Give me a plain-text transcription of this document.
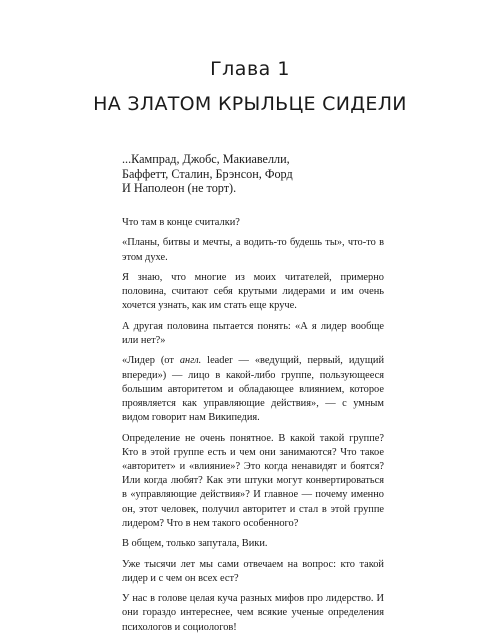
Глава 1
НА ЗЛАТОМ КРЫЛЬЦЕ СИДЕЛИ
...Кампрад, Джобс, Макиавелли,
Баффетт, Сталин, Брэнсон, Форд
И Наполеон (не торт).

Что там в конце считалки?

«Планы, битвы и мечты, а водить-то будешь ты», что-то в этом духе.

Я знаю, что многие из моих читателей, примерно половина, считают себя крутыми лидерами и им очень хочется узнать, как им стать еще круче.

А другая половина пытается понять: «А я лидер вообще или нет?»

«Лидер (от англ. leader — «ведущий, первый, идущий впереди») — лицо в какой-либо группе, пользующееся большим авторитетом и обладающее влиянием, которое проявляется как управляющие действия», — с умным видом говорит нам Википедия.

Определение не очень понятное. В какой такой группе? Кто в этой группе есть и чем они занимаются? Что такое «авторитет» и «влияние»? Это когда ненавидят и боятся? Или когда любят? Как эти штуки могут конвертироваться в «управляющие действия»? И главное — почему именно он, этот человек, получил авторитет и стал в этой группе лидером? Что в нем такого особенного?

В общем, только запутала, Вики.

Уже тысячи лет мы сами отвечаем на вопрос: кто такой лидер и с чем он всех ест?

У нас в голове целая куча разных мифов про лидерство. И они гораздо интереснее, чем всякие ученые определения психологов и социологов!
